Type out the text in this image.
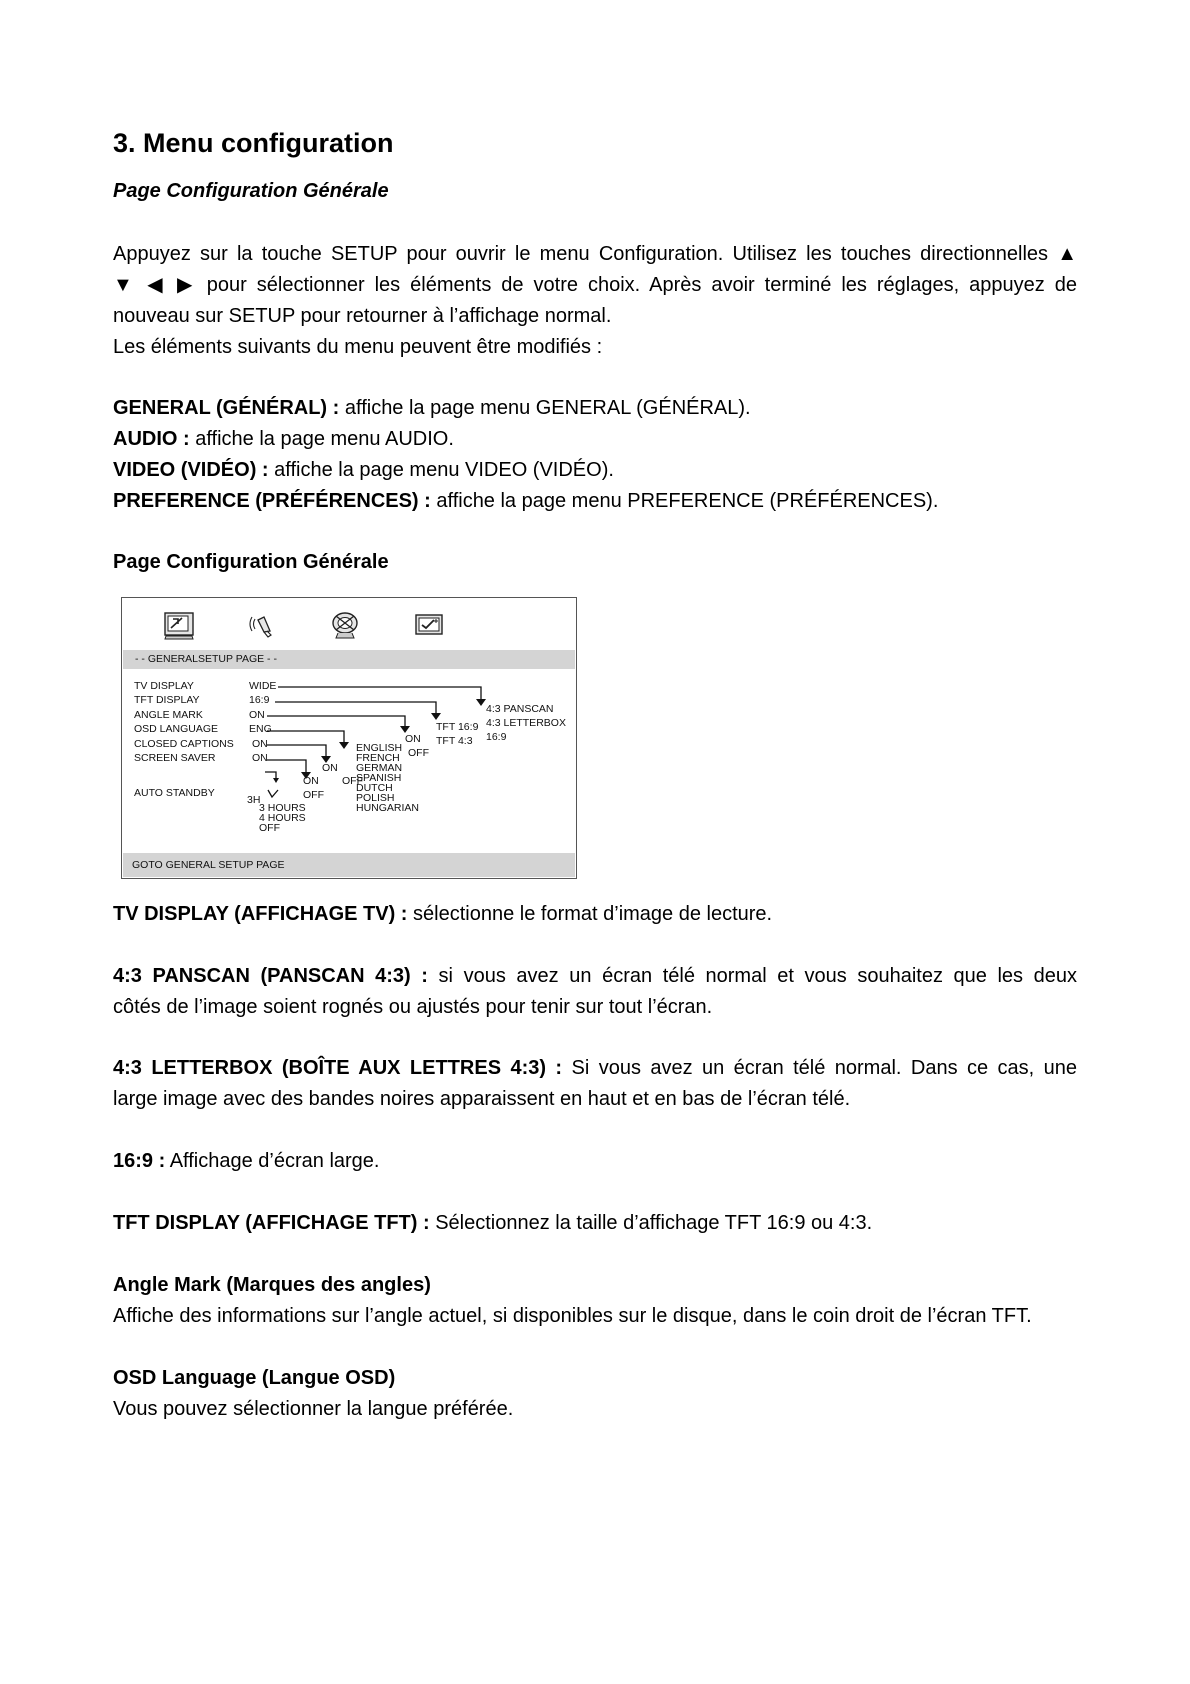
3. Menu configuration
Page Configuration Générale
Appuyez sur la touche SETUP pour ouvrir le menu Configuration. Utilisez les touches directionnelles ▲
▼ ◀ ▶ pour sélectionner les éléments de votre choix. Après avoir terminé les réglages, appuyez de
nouveau sur SETUP pour retourner à l’affichage normal.
Les éléments suivants du menu peuvent être modifiés :
GENERAL (GÉNÉRAL) : affiche la page menu GENERAL (GÉNÉRAL).
AUDIO : affiche la page menu AUDIO.
VIDEO (VIDÉO) : affiche la page menu VIDEO (VIDÉO).
PREFERENCE (PRÉFÉRENCES) : affiche la page menu PREFERENCE (PRÉFÉRENCES).
Page Configuration Générale
- - GENERALSETUP PAGE - -
TV DISPLAY
TFT DISPLAY
ANGLE MARK
OSD LANGUAGE
CLOSED CAPTIONS
SCREEN SAVER
AUTO STANDBY
WIDE
16:9
ON
ENG
ON
ON
3H
4:3 PANSCAN
4:3 LETTERBOX
16:9
TFT 16:9
TFT 4:3
ON
OFF
ENGLISH
FRENCH
GERMAN
SPANISH
DUTCH
POLISH
HUNGARIAN
ON
OFF
ON
OFF
3 HOURS
4 HOURS
OFF
GOTO GENERAL SETUP PAGE
TV DISPLAY (AFFICHAGE TV) : sélectionne le format d’image de lecture.
4:3 PANSCAN (PANSCAN 4:3) : si vous avez un écran télé normal et vous souhaitez que les deux
côtés de l’image soient rognés ou ajustés pour tenir sur tout l’écran.
4:3 LETTERBOX (BOÎTE AUX LETTRES 4:3) : Si vous avez un écran télé normal. Dans ce cas, une
large image avec des bandes noires apparaissent en haut et en bas de l’écran télé.
16:9 : Affichage d’écran large.
TFT DISPLAY (AFFICHAGE TFT) : Sélectionnez la taille d’affichage TFT 16:9 ou 4:3.
Angle Mark (Marques des angles)
Affiche des informations sur l’angle actuel, si disponibles sur le disque, dans le coin droit de l’écran TFT.
OSD Language (Langue OSD)
Vous pouvez sélectionner la langue préférée.
